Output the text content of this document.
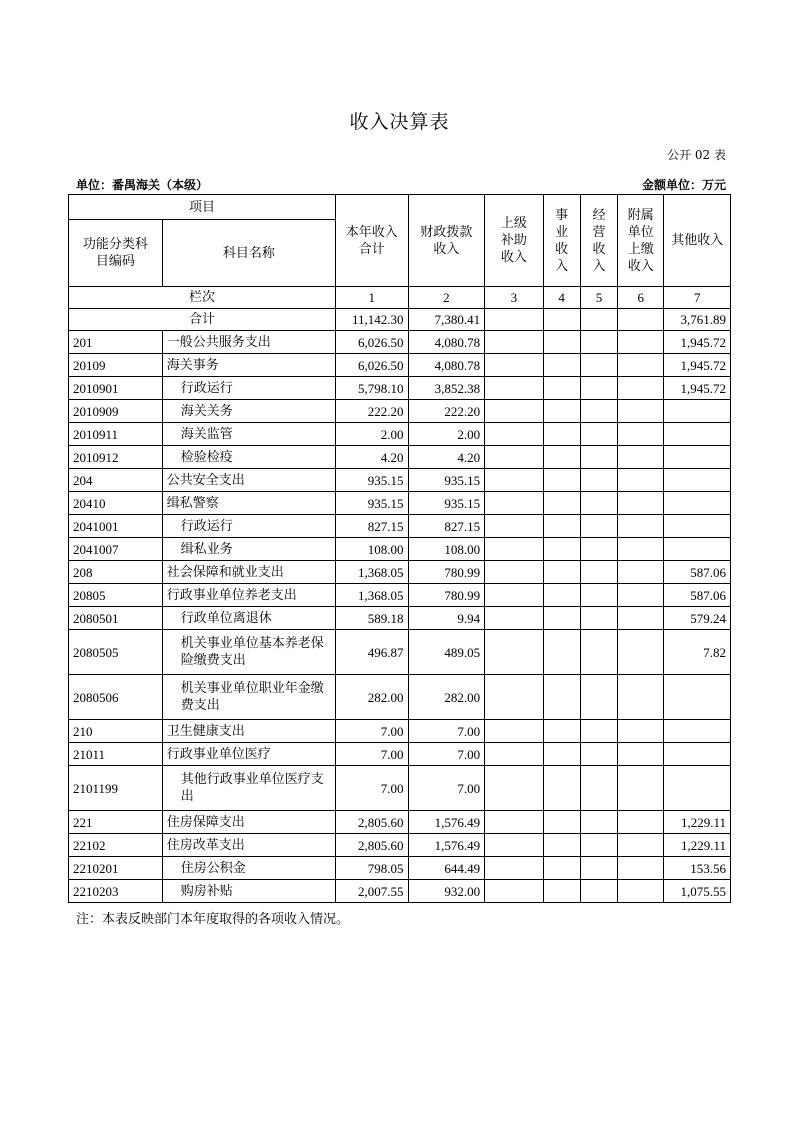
收入决算表
公开 02 表
单位：番禺海关（本级）	金额单位：万元
项目		本年收入合计	财政拨款收入	上级补助收入	事业收入	经营收入	附属单位上缴收入	其他收入
功能分类科目编码	科目名称							
栏次		1	2	3	4	5	6	7
合计		11,142.30	7,380.41					3,761.89
201	一般公共服务支出	6,026.50	4,080.78					1,945.72
20109	海关事务	6,026.50	4,080.78					1,945.72
2010901	行政运行	5,798.10	3,852.38					1,945.72
2010909	海关关务	222.20	222.20					
2010911	海关监管	2.00	2.00					
2010912	检验检疫	4.20	4.20					
204	公共安全支出	935.15	935.15					
20410	缉私警察	935.15	935.15					
2041001	行政运行	827.15	827.15					
2041007	缉私业务	108.00	108.00					
208	社会保障和就业支出	1,368.05	780.99					587.06
20805	行政事业单位养老支出	1,368.05	780.99					587.06
2080501	行政单位离退休	589.18	9.94					579.24
2080505	机关事业单位基本养老保险缴费支出	496.87	489.05					7.82
2080506	机关事业单位职业年金缴费支出	282.00	282.00					
210	卫生健康支出	7.00	7.00					
21011	行政事业单位医疗	7.00	7.00					
2101199	其他行政事业单位医疗支出	7.00	7.00					
221	住房保障支出	2,805.60	1,576.49					1,229.11
22102	住房改革支出	2,805.60	1,576.49					1,229.11
2210201	住房公积金	798.05	644.49					153.56
2210203	购房补贴	2,007.55	932.00					1,075.55
注：本表反映部门本年度取得的各项收入情况。
